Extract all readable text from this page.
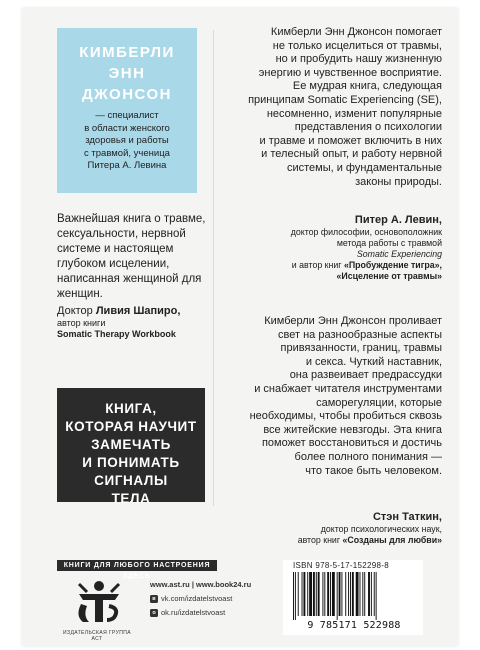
КИМБЕРЛИ
ЭНН
ДЖОНСОН
— специалист
в области женского
здоровья и работы
с травмой, ученица
Питера А. Левина
Важнейшая книга о травме,
сексуальности, нервной
системе и настоящем
глубоком исцелении,
написанная женщиной для
женщин.
Доктор Ливия Шапиро,
автор книги
Somatic Therapy Workbook
КНИГА,
КОТОРАЯ НАУЧИТ
ЗАМЕЧАТЬ
И ПОНИМАТЬ
СИГНАЛЫ
ТЕЛА
Кимберли Энн Джонсон помогает
не только исцелиться от травмы,
но и пробудить нашу жизненную
энергию и чувственное восприятие.
Ее мудрая книга, следующая
принципам Somatic Experiencing (SE),
несомненно, изменит популярные
представления о психологии
и травме и поможет включить в них
и телесный опыт, и работу нервной
системы, и фундаментальные
законы природы.
Питер А. Левин,
доктор философии, основоположник
метода работы с травмой
Somatic Experiencing
и автор книг «Пробуждение тигра»,
«Исцеление от травмы»
Кимберли Энн Джонсон проливает
свет на разнообразные аспекты
привязанности, границ, травмы
и секса. Чуткий наставник,
она развеивает предрассудки
и снабжает читателя инструментами
саморегуляции, которые
необходимы, чтобы пробиться сквозь
все житейские невзгоды. Эта книга
поможет восстановиться и достичь
более полного понимания —
что такое быть человеком.
Стэн Таткин,
доктор психологических наук,
автор книг «Созданы для любви»
КНИГИ ДЛЯ ЛЮБОГО НАСТРОЕНИЯ ЗДЕСЬ
ИЗДАТЕЛЬСКАЯ ГРУППА АСТ
www.ast.ru | www.book24.ru
в vk.com/izdatelstvoast
о ok.ru/izdatelstvoast
ISBN 978-5-17-152298-8
9 785171 522988
